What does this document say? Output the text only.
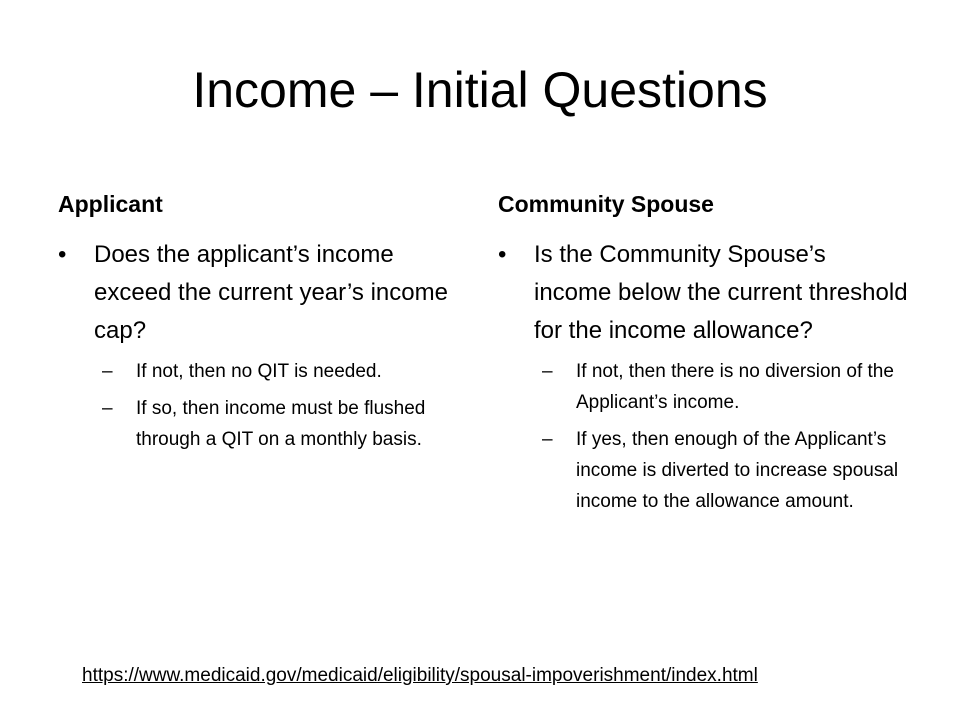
Income – Initial Questions
Applicant
•	Does the applicant’s income exceed the current year’s income cap?
–	If not, then no QIT is needed.
–	If so, then income must be flushed through a QIT on a monthly basis.
Community Spouse
•	Is the Community Spouse’s income below the current threshold for the income allowance?
–	If not, then there is no diversion of the Applicant’s income.
–	If yes, then enough of the Applicant’s income is diverted to increase spousal income to the allowance amount.
https://www.medicaid.gov/medicaid/eligibility/spousal-impoverishment/index.html
